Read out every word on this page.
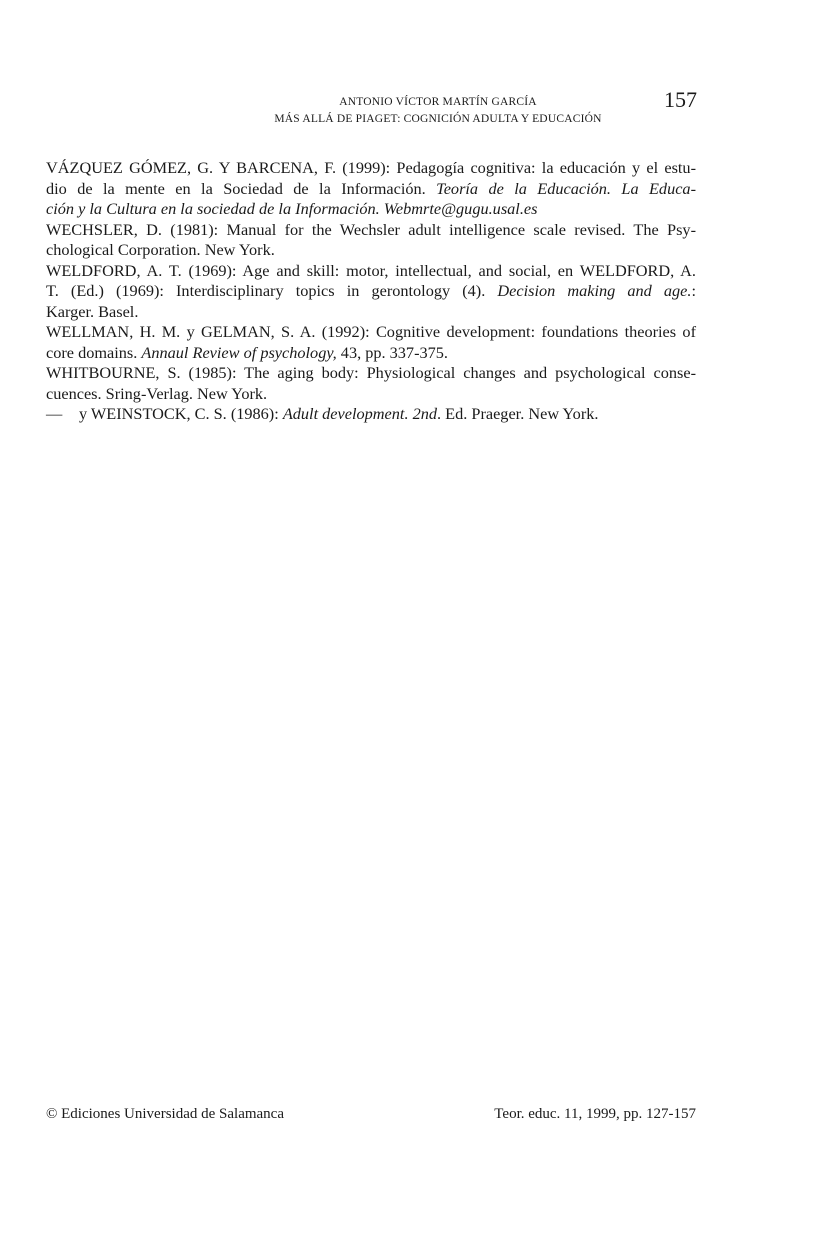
ANTONIO VÍCTOR MARTÍN GARCÍA
MÁS ALLÁ DE PIAGET: COGNICIÓN ADULTA Y EDUCACIÓN
157

VÁZQUEZ GÓMEZ, G. Y BARCENA, F. (1999): Pedagogía cognitiva: la educación y el estu-
dio de la mente en la Sociedad de la Información. Teoría de la Educación. La Educa-
ción y la Cultura en la sociedad de la Información. Webmrte@gugu.usal.es

WECHSLER, D. (1981): Manual for the Wechsler adult intelligence scale revised. The Psy-
chological Corporation. New York.

WELDFORD, A. T. (1969): Age and skill: motor, intellectual, and social, en WELDFORD, A.
T. (Ed.) (1969): Interdisciplinary topics in gerontology (4). Decision making and age.:
Karger. Basel.

WELLMAN, H. M. y GELMAN, S. A. (1992): Cognitive development: foundations theories of
core domains. Annaul Review of psychology, 43, pp. 337-375.

WHITBOURNE, S. (1985): The aging body: Physiological changes and psychological conse-
cuences. Sring-Verlag. New York.

—	y WEINSTOCK, C. S. (1986): Adult development. 2nd. Ed. Praeger. New York.

© Ediciones Universidad de Salamanca	Teor. educ. 11, 1999, pp. 127-157
